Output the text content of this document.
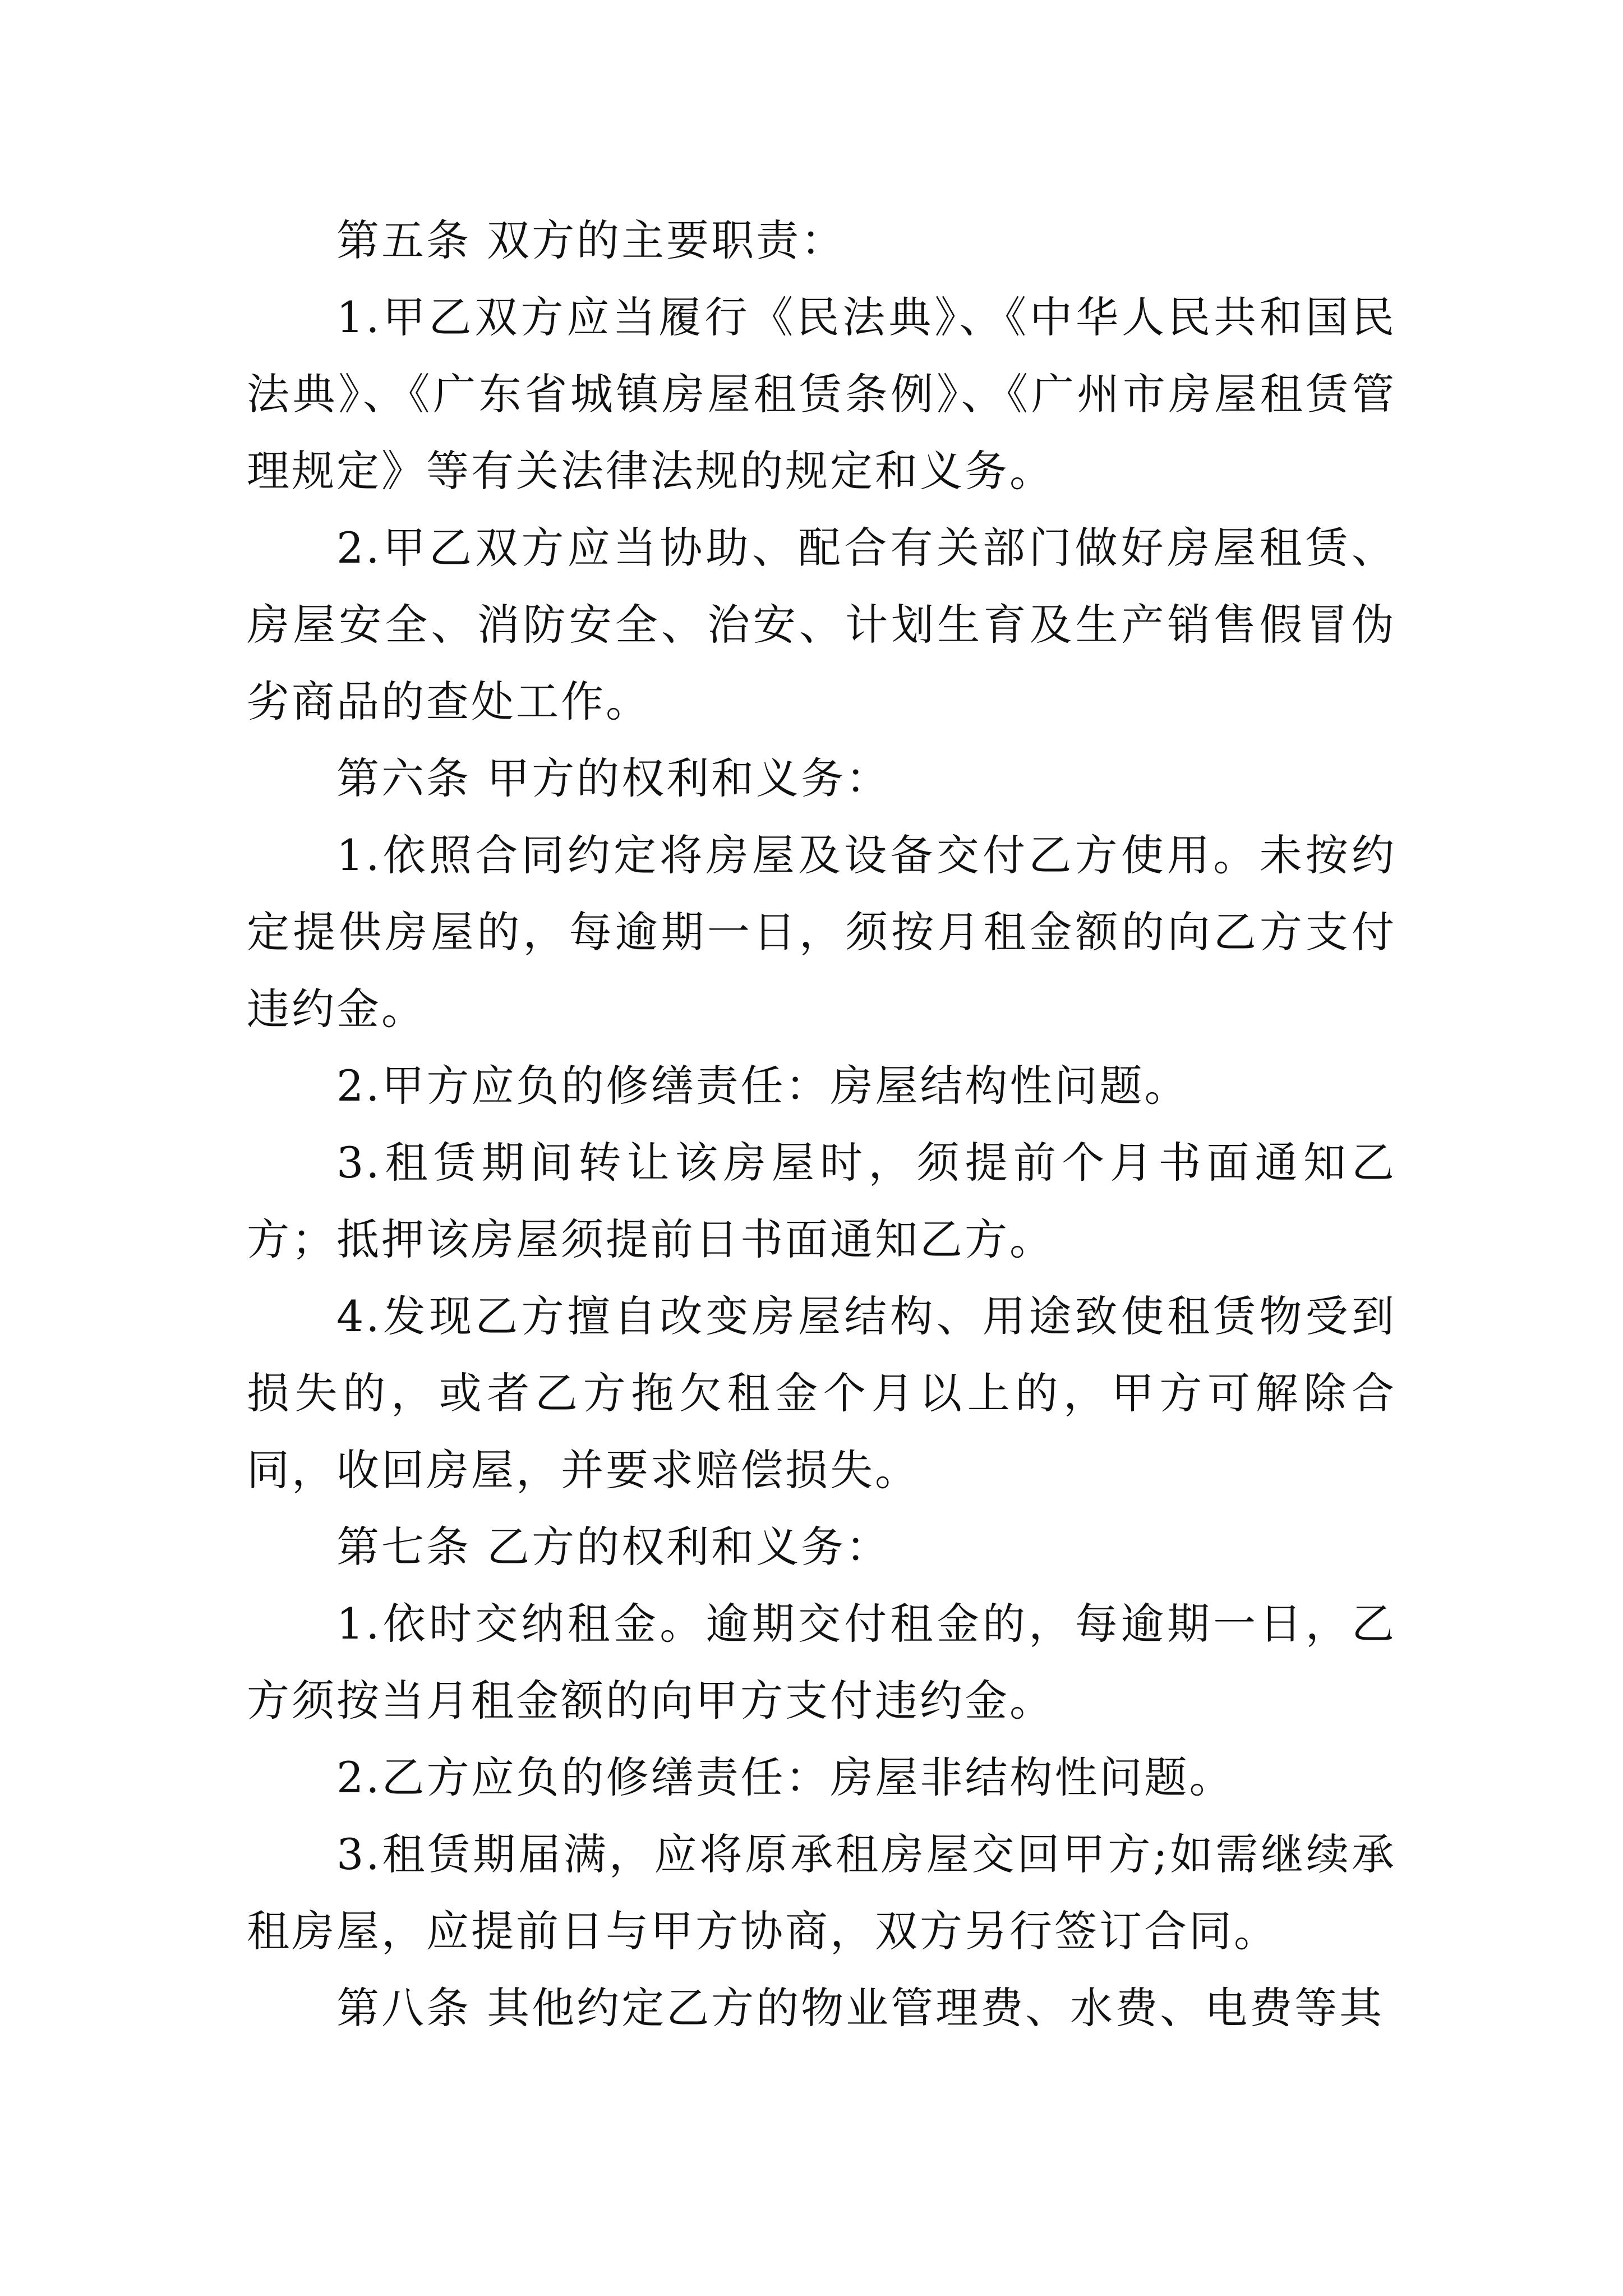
第五条 双方的主要职责：

1.甲乙双方应当履行《民法典》、《中华人民共和国民法典》、《广东省城镇房屋租赁条例》、《广州市房屋租赁管理规定》等有关法律法规的规定和义务。

2.甲乙双方应当协助、配合有关部门做好房屋租赁、房屋安全、消防安全、治安、计划生育及生产销售假冒伪劣商品的查处工作。

第六条 甲方的权利和义务：

1.依照合同约定将房屋及设备交付乙方使用。未按约定提供房屋的，每逾期一日，须按月租金额的向乙方支付违约金。

2.甲方应负的修缮责任：房屋结构性问题。

3.租赁期间转让该房屋时，须提前个月书面通知乙方；抵押该房屋须提前日书面通知乙方。

4.发现乙方擅自改变房屋结构、用途致使租赁物受到损失的，或者乙方拖欠租金个月以上的，甲方可解除合同，收回房屋，并要求赔偿损失。

第七条 乙方的权利和义务：

1.依时交纳租金。逾期交付租金的，每逾期一日，乙方须按当月租金额的向甲方支付违约金。

2.乙方应负的修缮责任：房屋非结构性问题。

3.租赁期届满，应将原承租房屋交回甲方;如需继续承租房屋，应提前日与甲方协商，双方另行签订合同。

第八条 其他约定乙方的物业管理费、水费、电费等其
